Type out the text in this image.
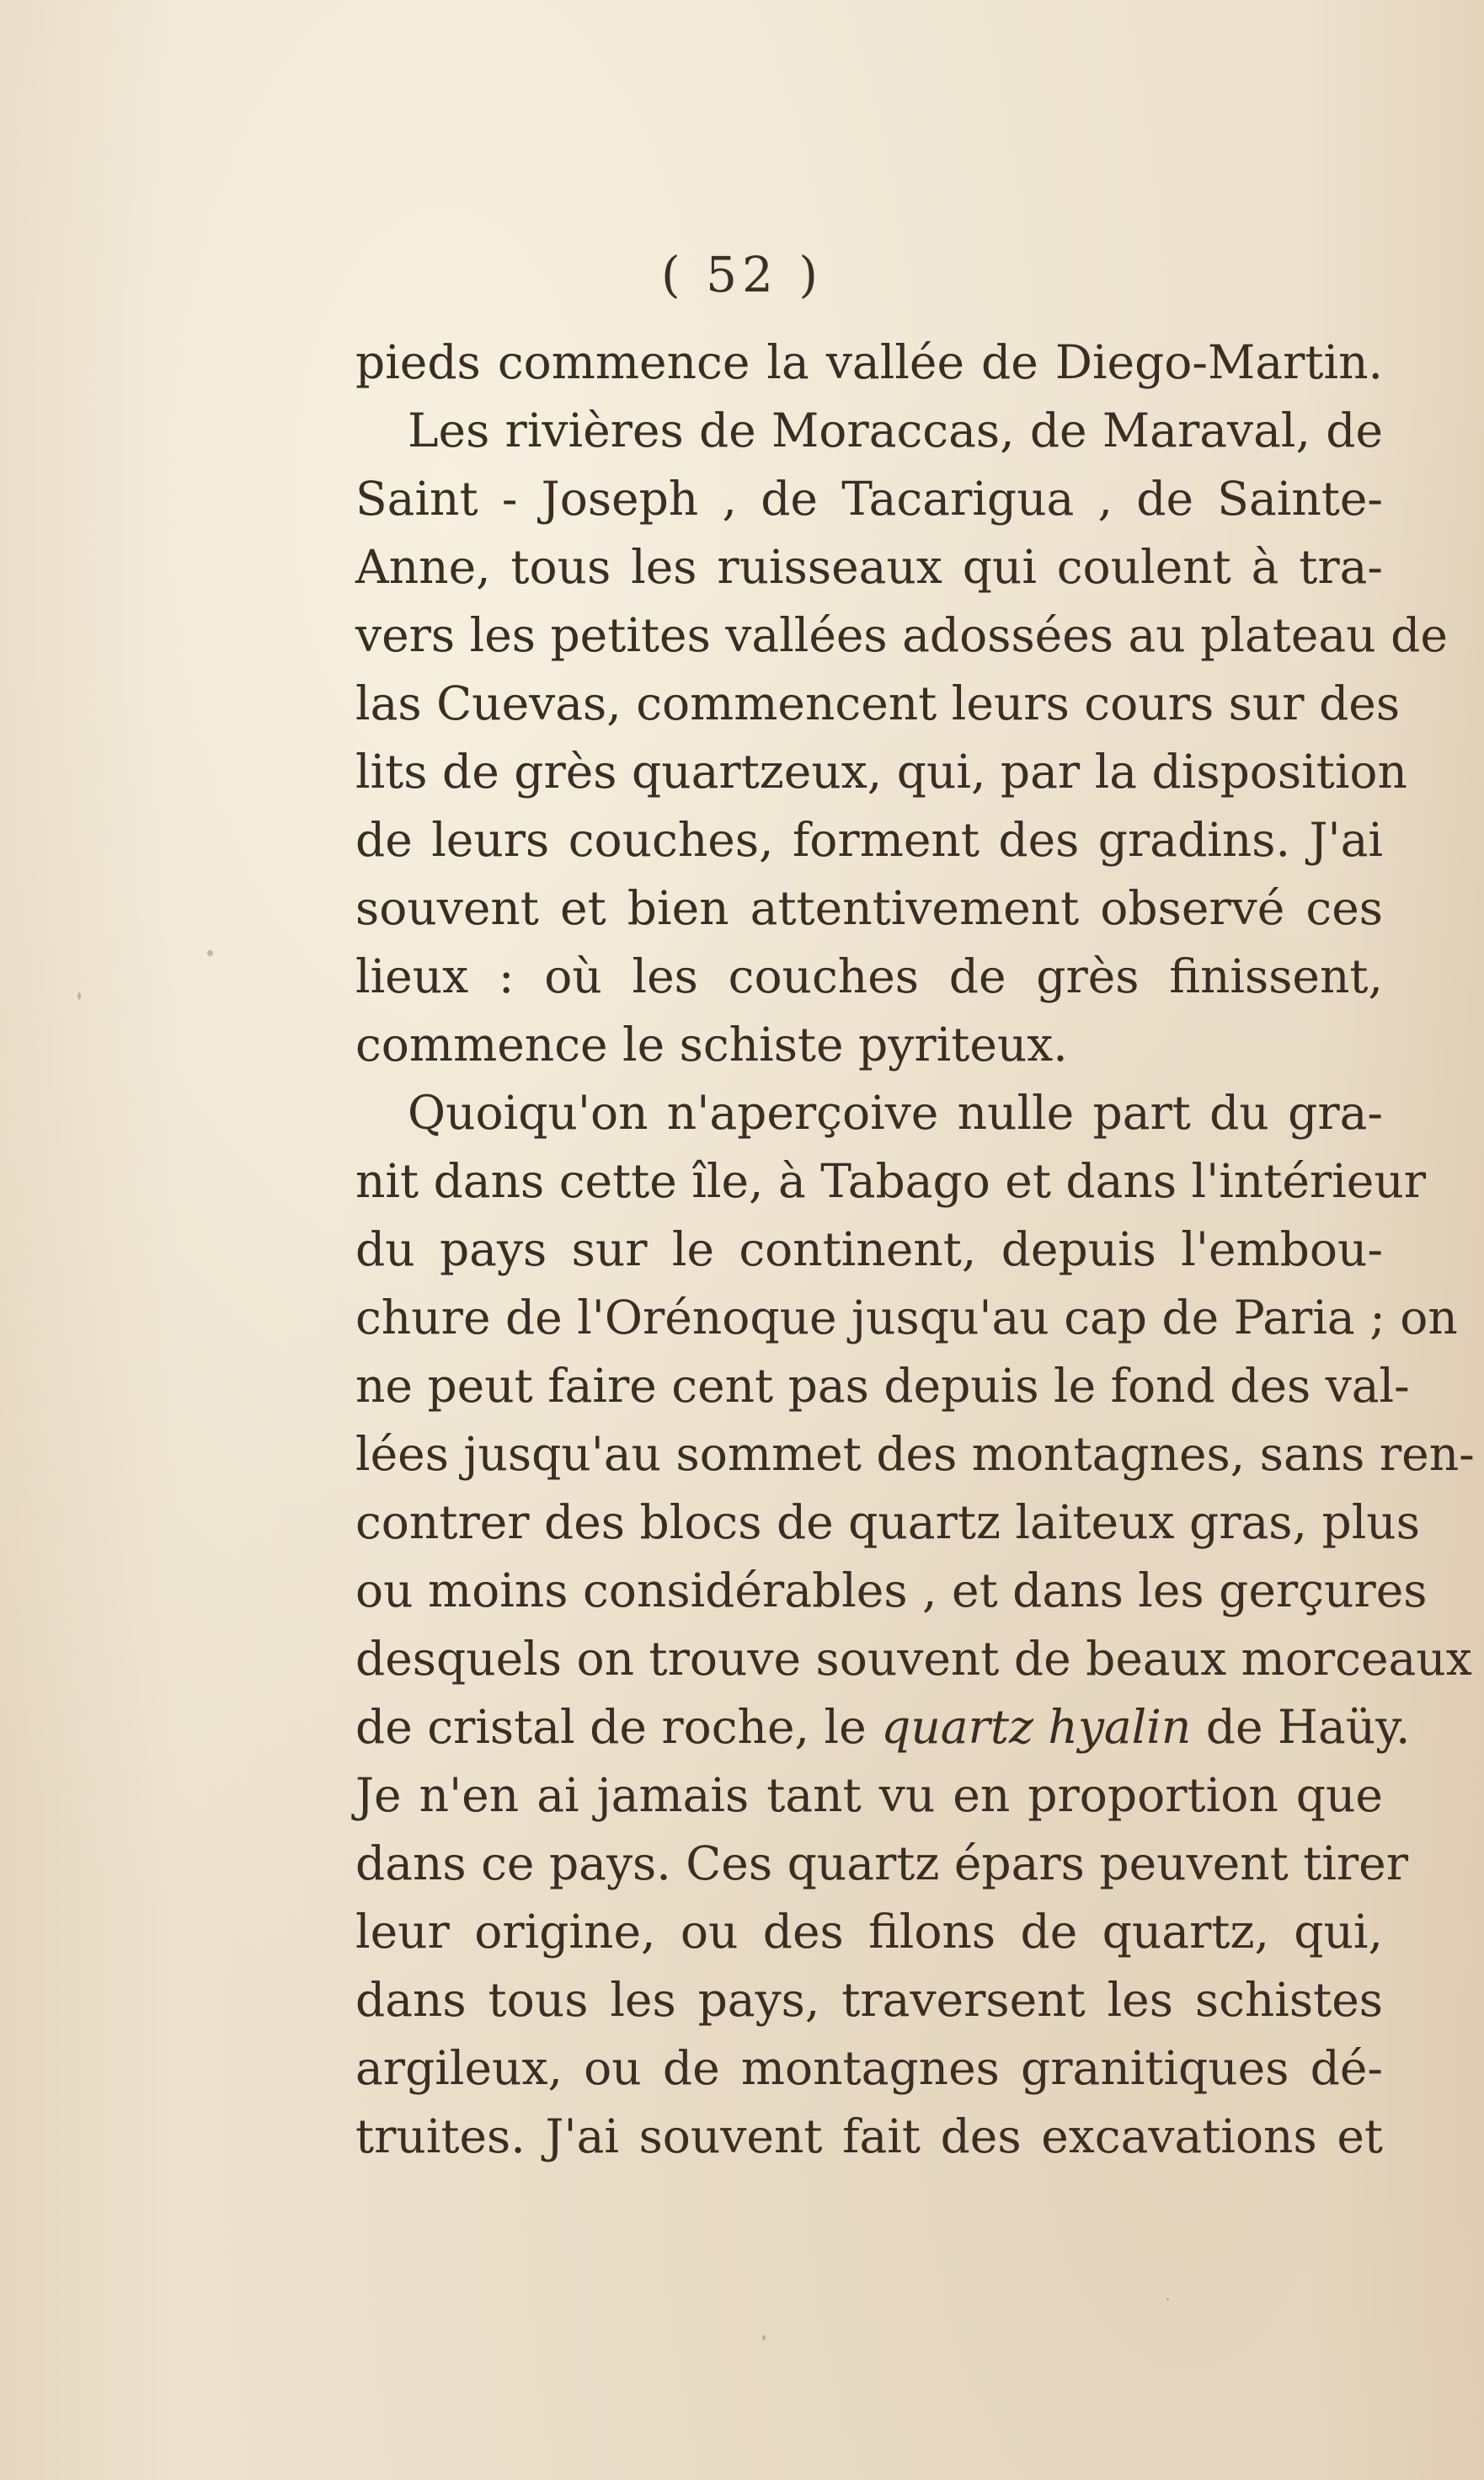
( 52 )
pieds commence la vallée de Diego-Martin.
Les rivières de Moraccas, de Maraval, de
Saint - Joseph , de Tacarigua , de Sainte-
Anne, tous les ruisseaux qui coulent à tra-
vers les petites vallées adossées au plateau de
las Cuevas, commencent leurs cours sur des
lits de grès quartzeux, qui, par la disposition
de leurs couches, forment des gradins. J'ai
souvent et bien attentivement observé ces
lieux : où les couches de grès finissent,
commence le schiste pyriteux.
Quoiqu'on n'aperçoive nulle part du gra-
nit dans cette île, à Tabago et dans l'intérieur
du pays sur le continent, depuis l'embou-
chure de l'Orénoque jusqu'au cap de Paria ; on
ne peut faire cent pas depuis le fond des val-
lées jusqu'au sommet des montagnes, sans ren-
contrer des blocs de quartz laiteux gras, plus
ou moins considérables , et dans les gerçures
desquels on trouve souvent de beaux morceaux
de cristal de roche, le quartz hyalin de Haüy.
Je n'en ai jamais tant vu en proportion que
dans ce pays. Ces quartz épars peuvent tirer
leur origine, ou des filons de quartz, qui,
dans tous les pays, traversent les schistes
argileux, ou de montagnes granitiques dé-
truites. J'ai souvent fait des excavations et
